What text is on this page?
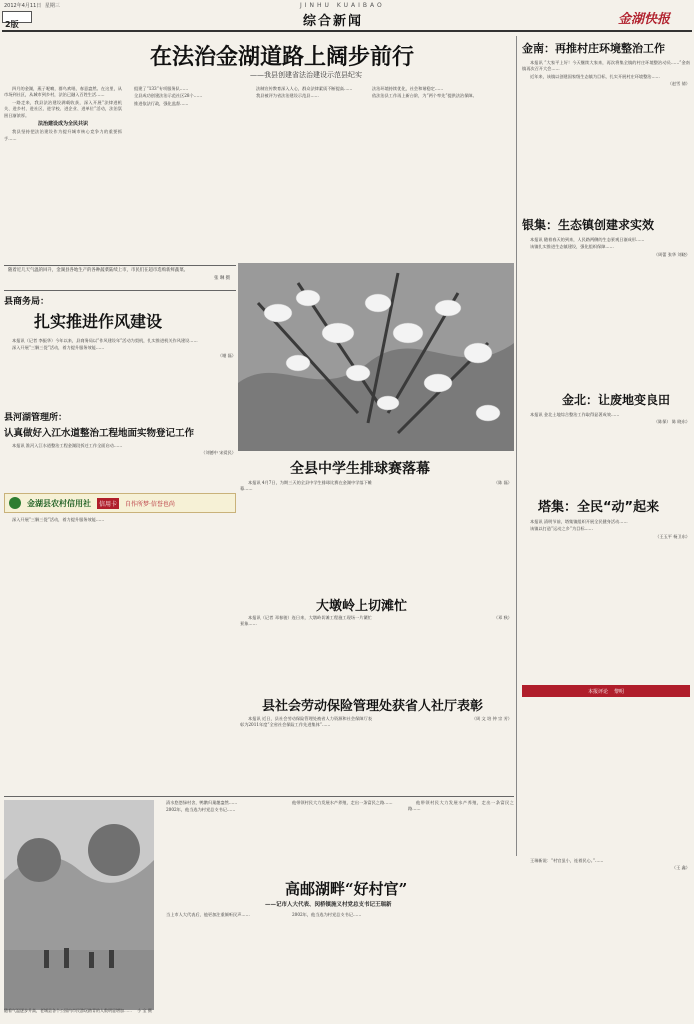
2012年4月11日 星期三	JINHU KUAIBAO
2版	综合新闻	金湖快报
在法治金湖道路上阔步前行
——我县创建省法治建设示范县纪实

四月的金湖，燕子呢喃，群鸟欢唱，春意盎然。在这里，从市场到社区，从城市到乡村，法治已融入百姓生活……

一路走来，我县法治建设满载收获，深入开展“法律进机关、进乡村、进社区、进学校、进企业、进单位”活动，法治氛围日渐浓厚。

法治建设成为全民共识

我县坚持把法治建设作为提升城市核心竞争力的重要抓手……

组建了“133”专项服务队……

全县成功创建法治示范社区28个……

推进依法行政，强化监督……

法制宣传教育深入人心，群众法律素质不断提高……

我县被评为省法治建设示范县……

法治环境持续优化，社会和谐稳定……

依法治县工作再上新台阶，为“两个率先”提供法治保障。

金南：再推村庄环境整治工作

本报讯 “大家平上好！今天继续大家来，再次将集全镇的村庄环境整治动员……”金南镇再次召开大会……

近年来，该镇以创建国家级生态镇为目标，扎实开展村庄环境整治……

（赵雪 倩）

银集：生态镇创建求实效

本报讯 随着春天的到来，人民路两侧的生态景观日渐成形……

该镇扎实推进生态镇建设，强化组织保障……

（周蕾 张华 刘晓）

金北：让废地变良田

本报讯 金北土地综合整治工作取得显著成效……

（陈保） 陈 晓东）

塔集：全民“动”起来

本报讯 清明节前，塔集镇组织开展全民健身活动……

该镇以打造“运动之乡”为目标……

（王玉平 杨卫东）

本报评论 黎明
随着近几天气温的回升，金湖县各地生产的各种蔬菜陆续上市，市民们在超市选购新鲜蔬菜。
张 琳 摄
县商务局：
扎实推进作风建设

本报讯（记者 李振华）今年以来，县商务局以“作风建设年”活动为契机，扎实推进机关作风建设……

深入开展“三解三促”活动，着力提升服务效能……

（谢 磊）

县河湖管理所：
认真做好入江水道整治工程地面实物登记工作

本报讯 淮河入江水道整治工程金湖段拆迁工作全面启动……

（刘德中 宋爱民）

金湖县农村信用社	信用卡	自作所梦·信誉也尚
全县中学生排球赛落幕

本报讯 4月7日，为期三天的全县中学生排球比赛在金湖中学落下帷幕……

（陈 磊）

大墩岭上切滩忙

本报讯（记者 邓春骏）连日来，大墩岭切滩工程施工现场一片繁忙景象……

（邓 秋）

县社会劳动保险管理处获省人社厅表彰

本报讯 近日，县社会劳动保险管理处被省人力资源和社会保障厅表彰为2011年度“全省社会保险工作先进集体”……

（周 文 培 仲 宗 芳）

深入开展“三解三促”活动，着力提升服务效能……

随着气温逐步升高，老城县各个公园内市民游玩踏青的人数明显增加…… 小 宝 摄

清水悠悠绿村舍，鸭鹅归巢趣盎然……

2002年，他当选为村党总支书记……

他带领村民大力发展水产养殖，走出一条富民之路……

高邮湖畔“好村官”
——记市人大代表、闵桥镇施义村党总支书记王瑞新

当上市人大代表后，他更加注重倾听民声……	2002年，他当选为村党总支书记……

王瑞新说：“村官虽小，连着民心。”……

（王 鑫）

他带领村民大力发展水产养殖，走出一条富民之路……
